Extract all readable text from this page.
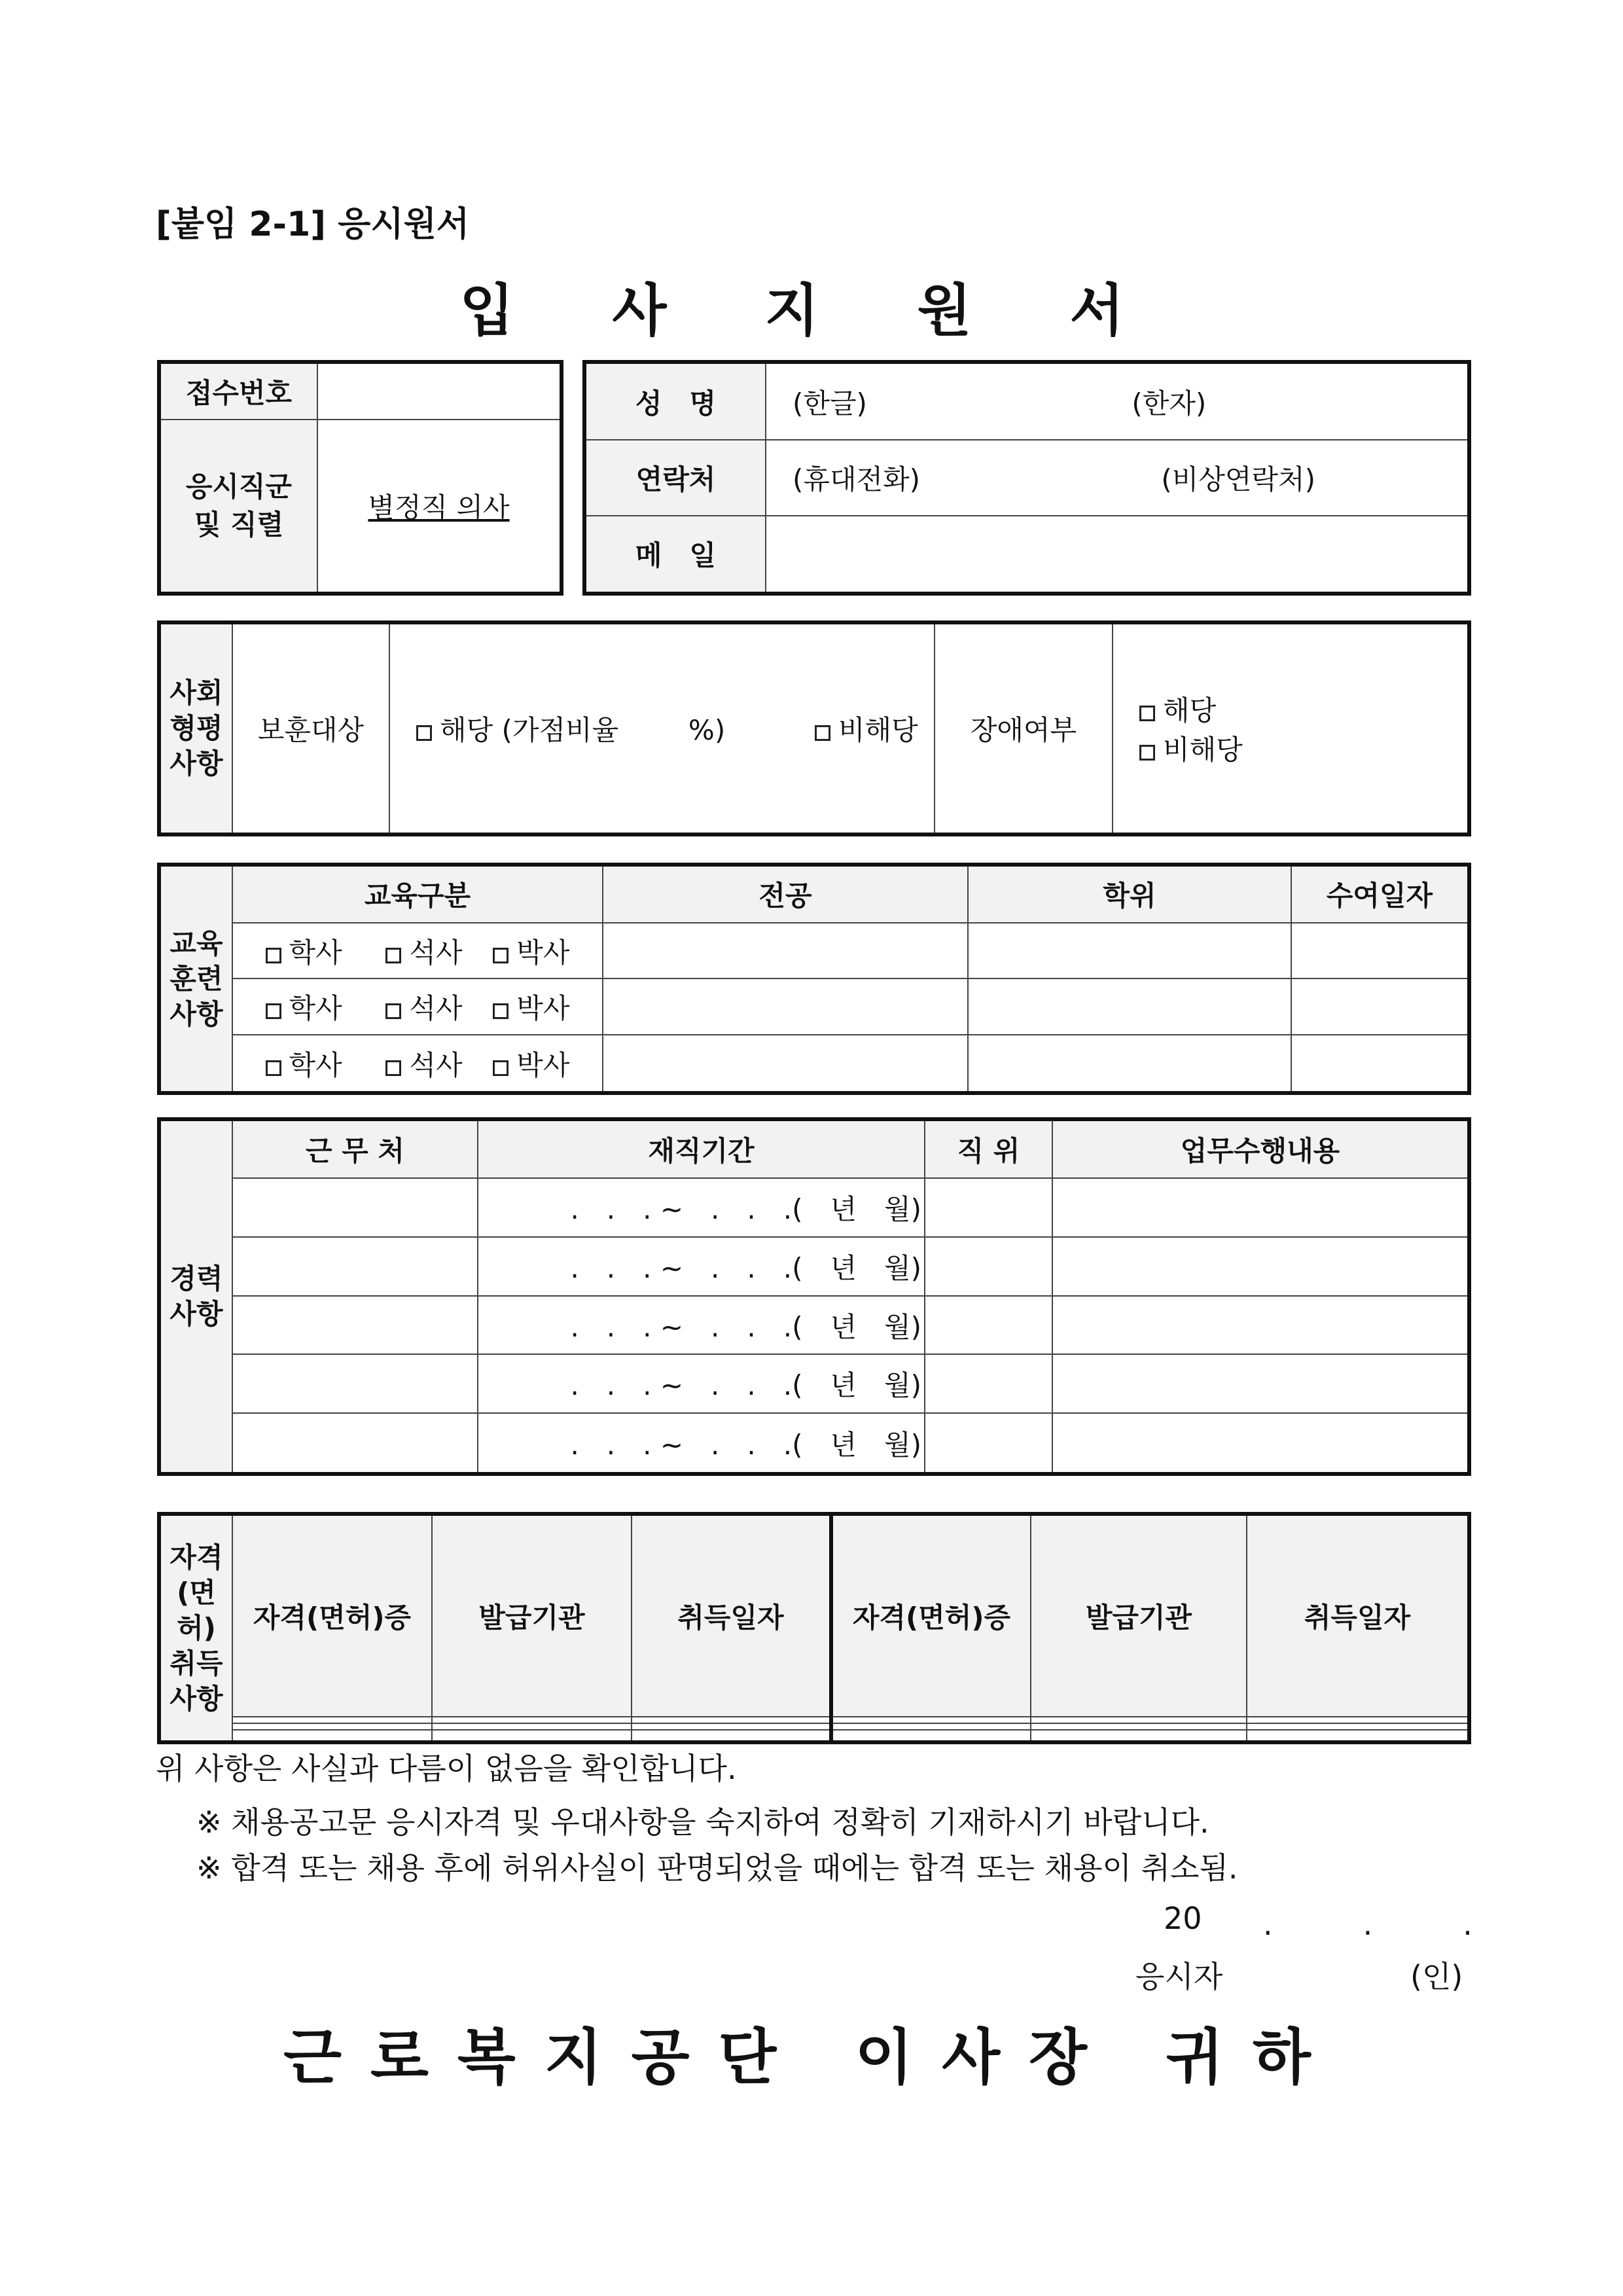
[붙임 2-1] 응시원서
입 사 지 원 서
접수번호	

응시직군
및 직렬	별정직 의사
성　명	(한글) (한자)
연락처	(휴대전화) (비상연락처)
메　일	
사회
형평
사항
	보훈대상	해당 (가점비율	%)	비해당	장애여부	해당  비해당
교육
훈련
사항	교육구분	전공	학위	수여일자
	학사 석사 박사			
	학사 석사 박사			
	학사 석사 박사			
경력
사항	근 무 처	재직기간	직 위	업무수행내용
		.　.　. ~　.　.　.(　년　월)		
		.　.　. ~　.　.　.(　년　월)		
		.　.　. ~　.　.　.(　년　월)		
		.　.　. ~　.　.　.(　년　월)		
		.　.　. ~　.　.　.(　년　월)		
자격
(면허)
취득
사항	자격(면허)증	발급기관	취득일자	자격(면허)증	발급기관	취득일자

위 사항은 사실과 다름이 없음을 확인합니다.
※ 채용공고문 응시자격 및 우대사항을 숙지하여 정확히 기재하시기 바랍니다.
※ 합격 또는 채용 후에 허위사실이 판명되었을 때에는 합격 또는 채용이 취소됨.
20 .　　　.　　　.
응시자	(인)
근로복지공단 이사장 귀하
